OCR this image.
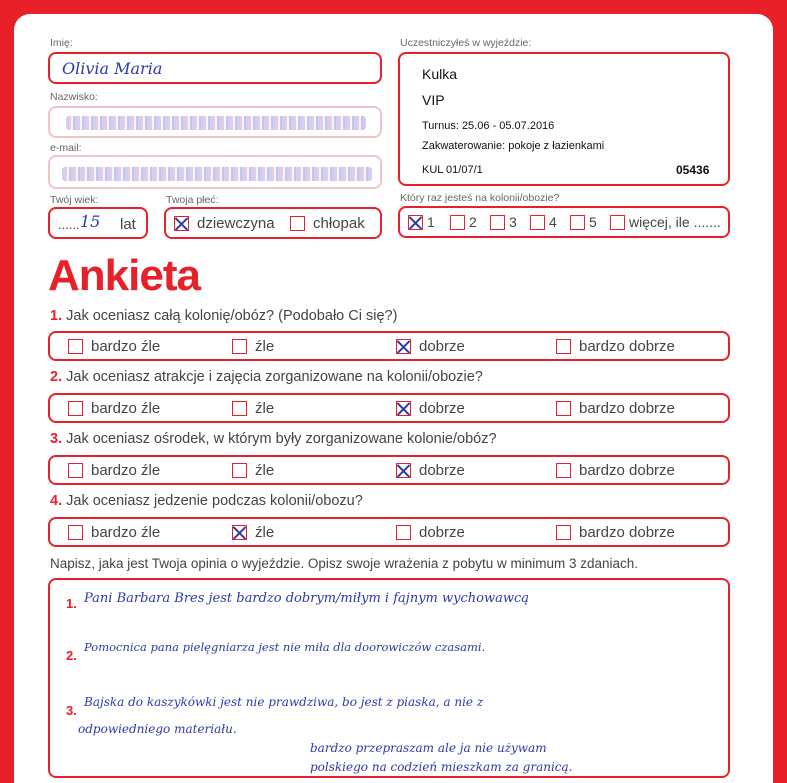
Imię:
Olivia Maria
Nazwisko:
e-mail:
Twój wiek:
...... 15 lat
Twoja płeć:
dziewczyna	chłopak
Uczestniczyłeś w wyjeździe:
Kulka
VIP
Turnus: 25.06 - 05.07.2016
Zakwaterowanie: pokoje z łazienkami
KUL 01/07/1	05436
Który raz jesteś na kolonii/obozie?
1 2 3 4 5 więcej, ile .......
Ankieta
1. Jak oceniasz całą kolonię/obóz? (Podobało Ci się?)
bardzo źle	źle	dobrze	bardzo dobrze
2. Jak oceniasz atrakcje i zajęcia zorganizowane na kolonii/obozie?
bardzo źle	źle	dobrze	bardzo dobrze
3. Jak oceniasz ośrodek, w którym były zorganizowane kolonie/obóz?
bardzo źle	źle	dobrze	bardzo dobrze
4. Jak oceniasz jedzenie podczas kolonii/obozu?
bardzo źle	źle	dobrze	bardzo dobrze
Napisz, jaka jest Twoja opinia o wyjeździe. Opisz swoje wrażenia z pobytu w minimum 3 zdaniach.
1. Pani Barbara Bres jest bardzo dobrym/miłym i fajnym wychowawcą
2.
Pomocnica pana pielęgniarza jest nie miła dla doorowiczów czasami.
3.
Bajska do kaszykówki jest nie prawdziwa, bo jest z piaska, a nie z
odpowiedniego materiału.
bardzo przepraszam ale ja nie używam
polskiego na codzień mieszkam za granicą.
